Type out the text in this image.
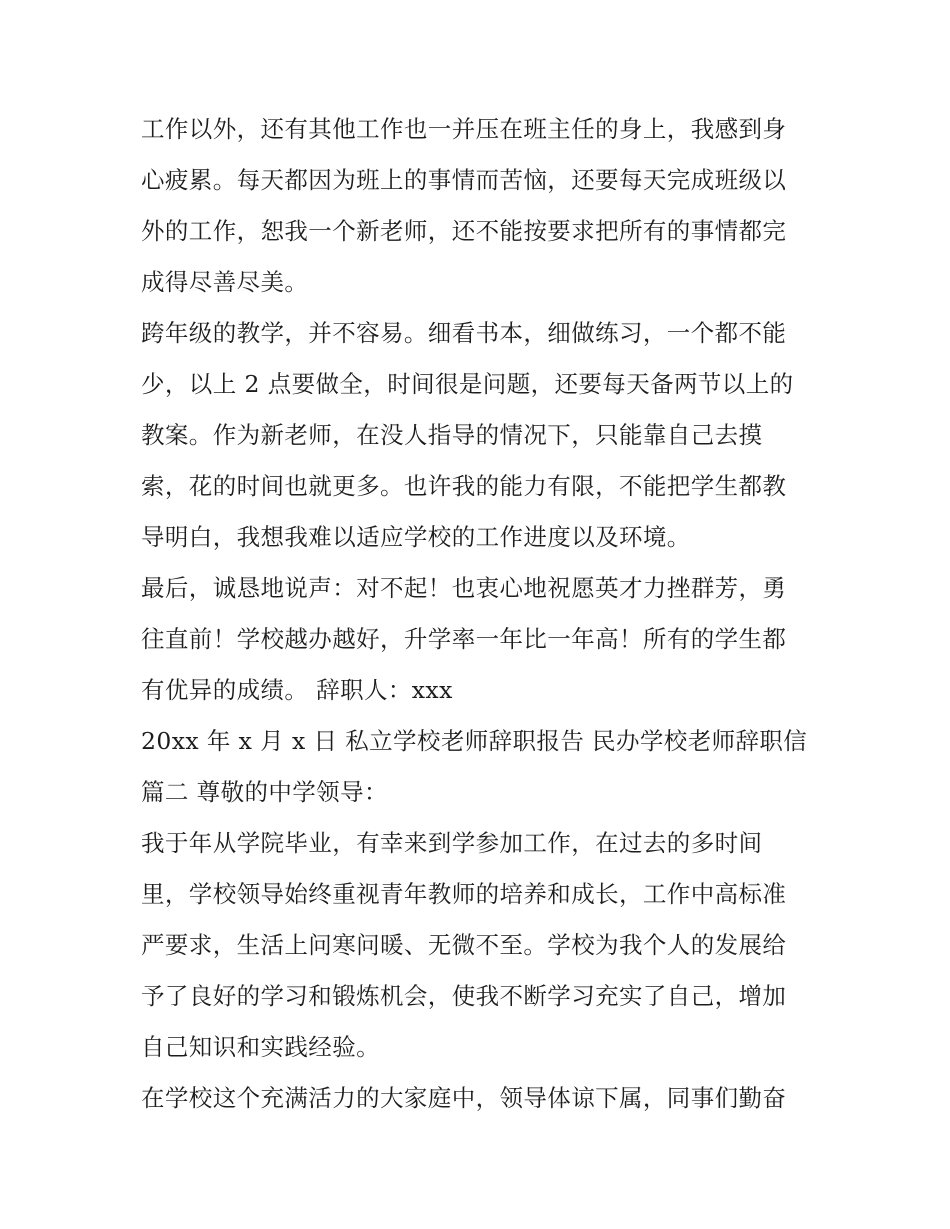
工作以外，还有其他工作也一并压在班主任的身上，我感到身
心疲累。每天都因为班上的事情而苦恼，还要每天完成班级以
外的工作，恕我一个新老师，还不能按要求把所有的事情都完
成得尽善尽美。
跨年级的教学，并不容易。细看书本，细做练习，一个都不能
少，以上 2 点要做全，时间很是问题，还要每天备两节以上的
教案。作为新老师，在没人指导的情况下，只能靠自己去摸
索，花的时间也就更多。也许我的能力有限，不能把学生都教
导明白，我想我难以适应学校的工作进度以及环境。
最后，诚恳地说声：对不起！也衷心地祝愿英才力挫群芳，勇
往直前！学校越办越好，升学率一年比一年高！所有的学生都
有优异的成绩。 辞职人：xxx
20xx 年 x 月 x 日 私立学校老师辞职报告 民办学校老师辞职信
篇二 尊敬的中学领导：
我于年从学院毕业，有幸来到学参加工作，在过去的多时间
里，学校领导始终重视青年教师的培养和成长，工作中高标准
严要求，生活上问寒问暖、无微不至。学校为我个人的发展给
予了良好的学习和锻炼机会，使我不断学习充实了自己，增加
自己知识和实践经验。
在学校这个充满活力的大家庭中，领导体谅下属，同事们勤奋
